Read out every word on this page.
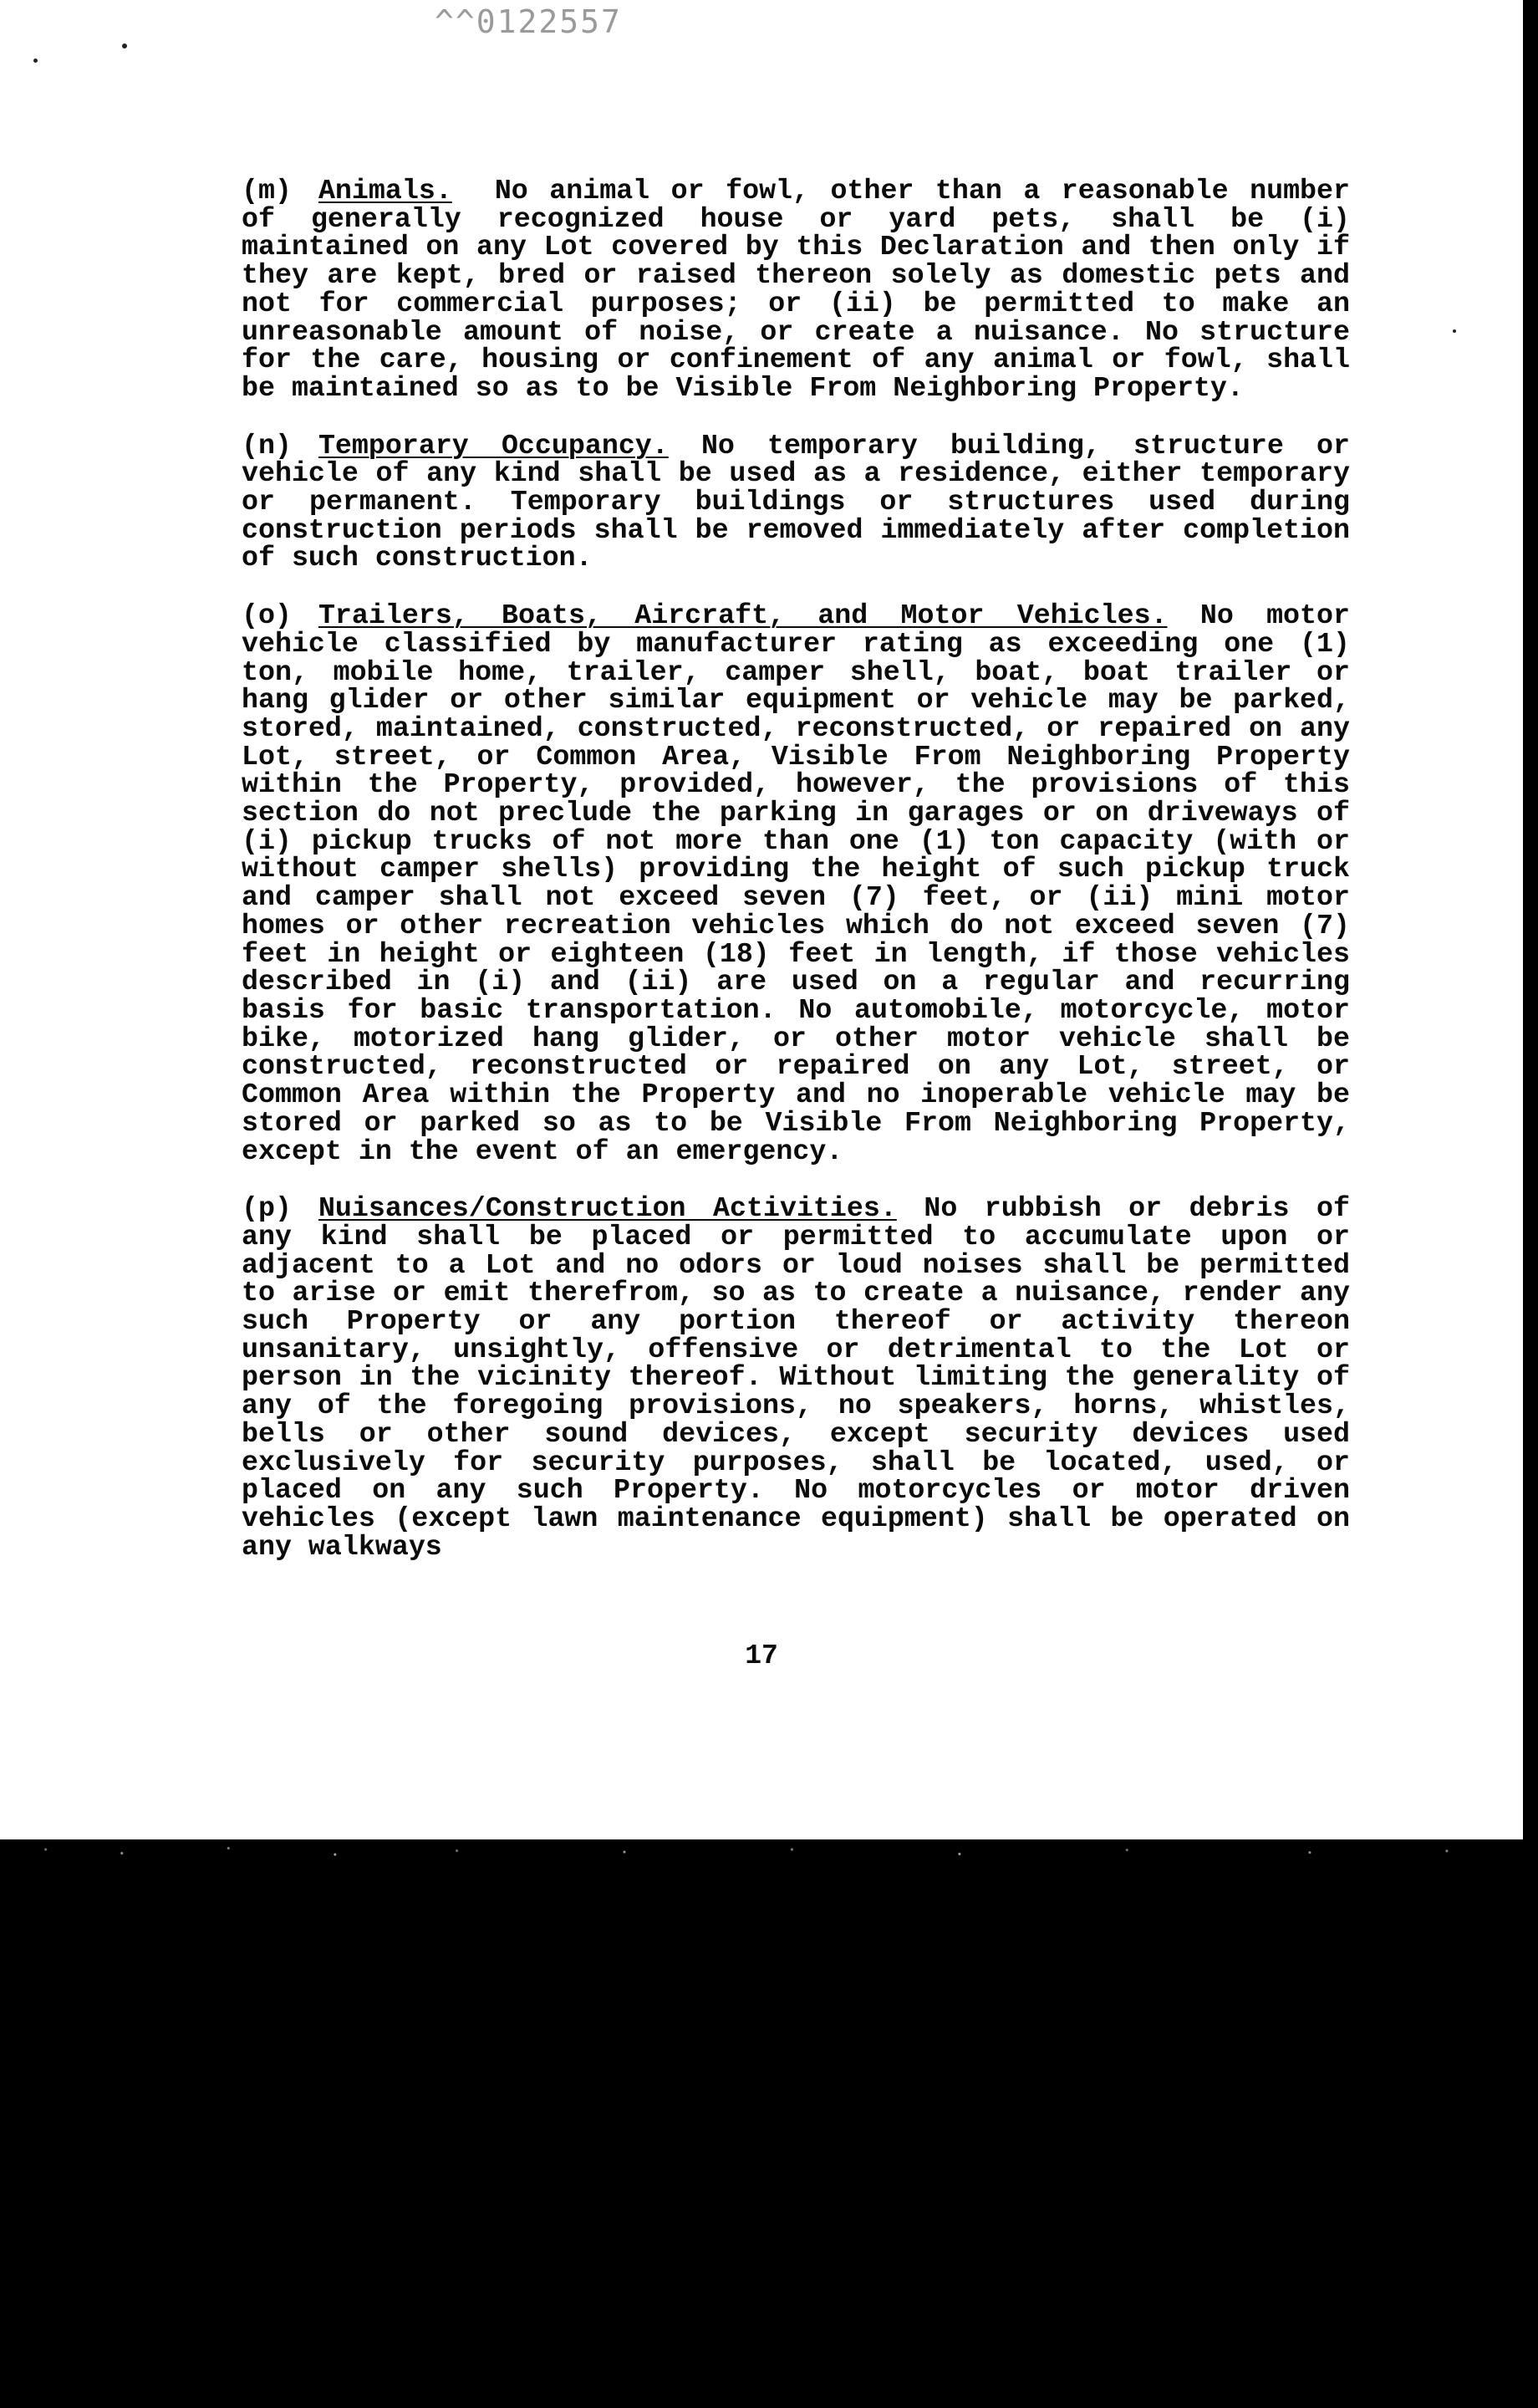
^^0122557

(m) Animals. No animal or fowl, other than a reasonable number of generally recognized house or yard pets, shall be (i) maintained on any Lot covered by this Declaration and then only if they are kept, bred or raised thereon solely as domestic pets and not for commercial purposes; or (ii) be permitted to make an unreasonable amount of noise, or create a nuisance. No structure for the care, housing or confinement of any animal or fowl, shall be maintained so as to be Visible From Neighboring Property.

(n) Temporary Occupancy. No temporary building, structure or vehicle of any kind shall be used as a residence, either temporary or permanent. Temporary buildings or structures used during construction periods shall be removed immediately after completion of such construction.

(o) Trailers, Boats, Aircraft, and Motor Vehicles. No motor vehicle classified by manufacturer rating as exceeding one (1) ton, mobile home, trailer, camper shell, boat, boat trailer or hang glider or other similar equipment or vehicle may be parked, stored, maintained, constructed, reconstructed, or repaired on any Lot, street, or Common Area, Visible From Neighboring Property within the Property, provided, however, the provisions of this section do not preclude the parking in garages or on driveways of (i) pickup trucks of not more than one (1) ton capacity (with or without camper shells) providing the height of such pickup truck and camper shall not exceed seven (7) feet, or (ii) mini motor homes or other recreation vehicles which do not exceed seven (7) feet in height or eighteen (18) feet in length, if those vehicles described in (i) and (ii) are used on a regular and recurring basis for basic transportation. No automobile, motorcycle, motor bike, motorized hang glider, or other motor vehicle shall be constructed, reconstructed or repaired on any Lot, street, or Common Area within the Property and no inoperable vehicle may be stored or parked so as to be Visible From Neighboring Property, except in the event of an emergency.

(p) Nuisances/Construction Activities. No rubbish or debris of any kind shall be placed or permitted to accumulate upon or adjacent to a Lot and no odors or loud noises shall be permitted to arise or emit therefrom, so as to create a nuisance, render any such Property or any portion thereof or activity thereon unsanitary, unsightly, offensive or detrimental to the Lot or person in the vicinity thereof. Without limiting the generality of any of the foregoing provisions, no speakers, horns, whistles, bells or other sound devices, except security devices used exclusively for security purposes, shall be located, used, or placed on any such Property. No motorcycles or motor driven vehicles (except lawn maintenance equipment) shall be operated on any walkways

17
